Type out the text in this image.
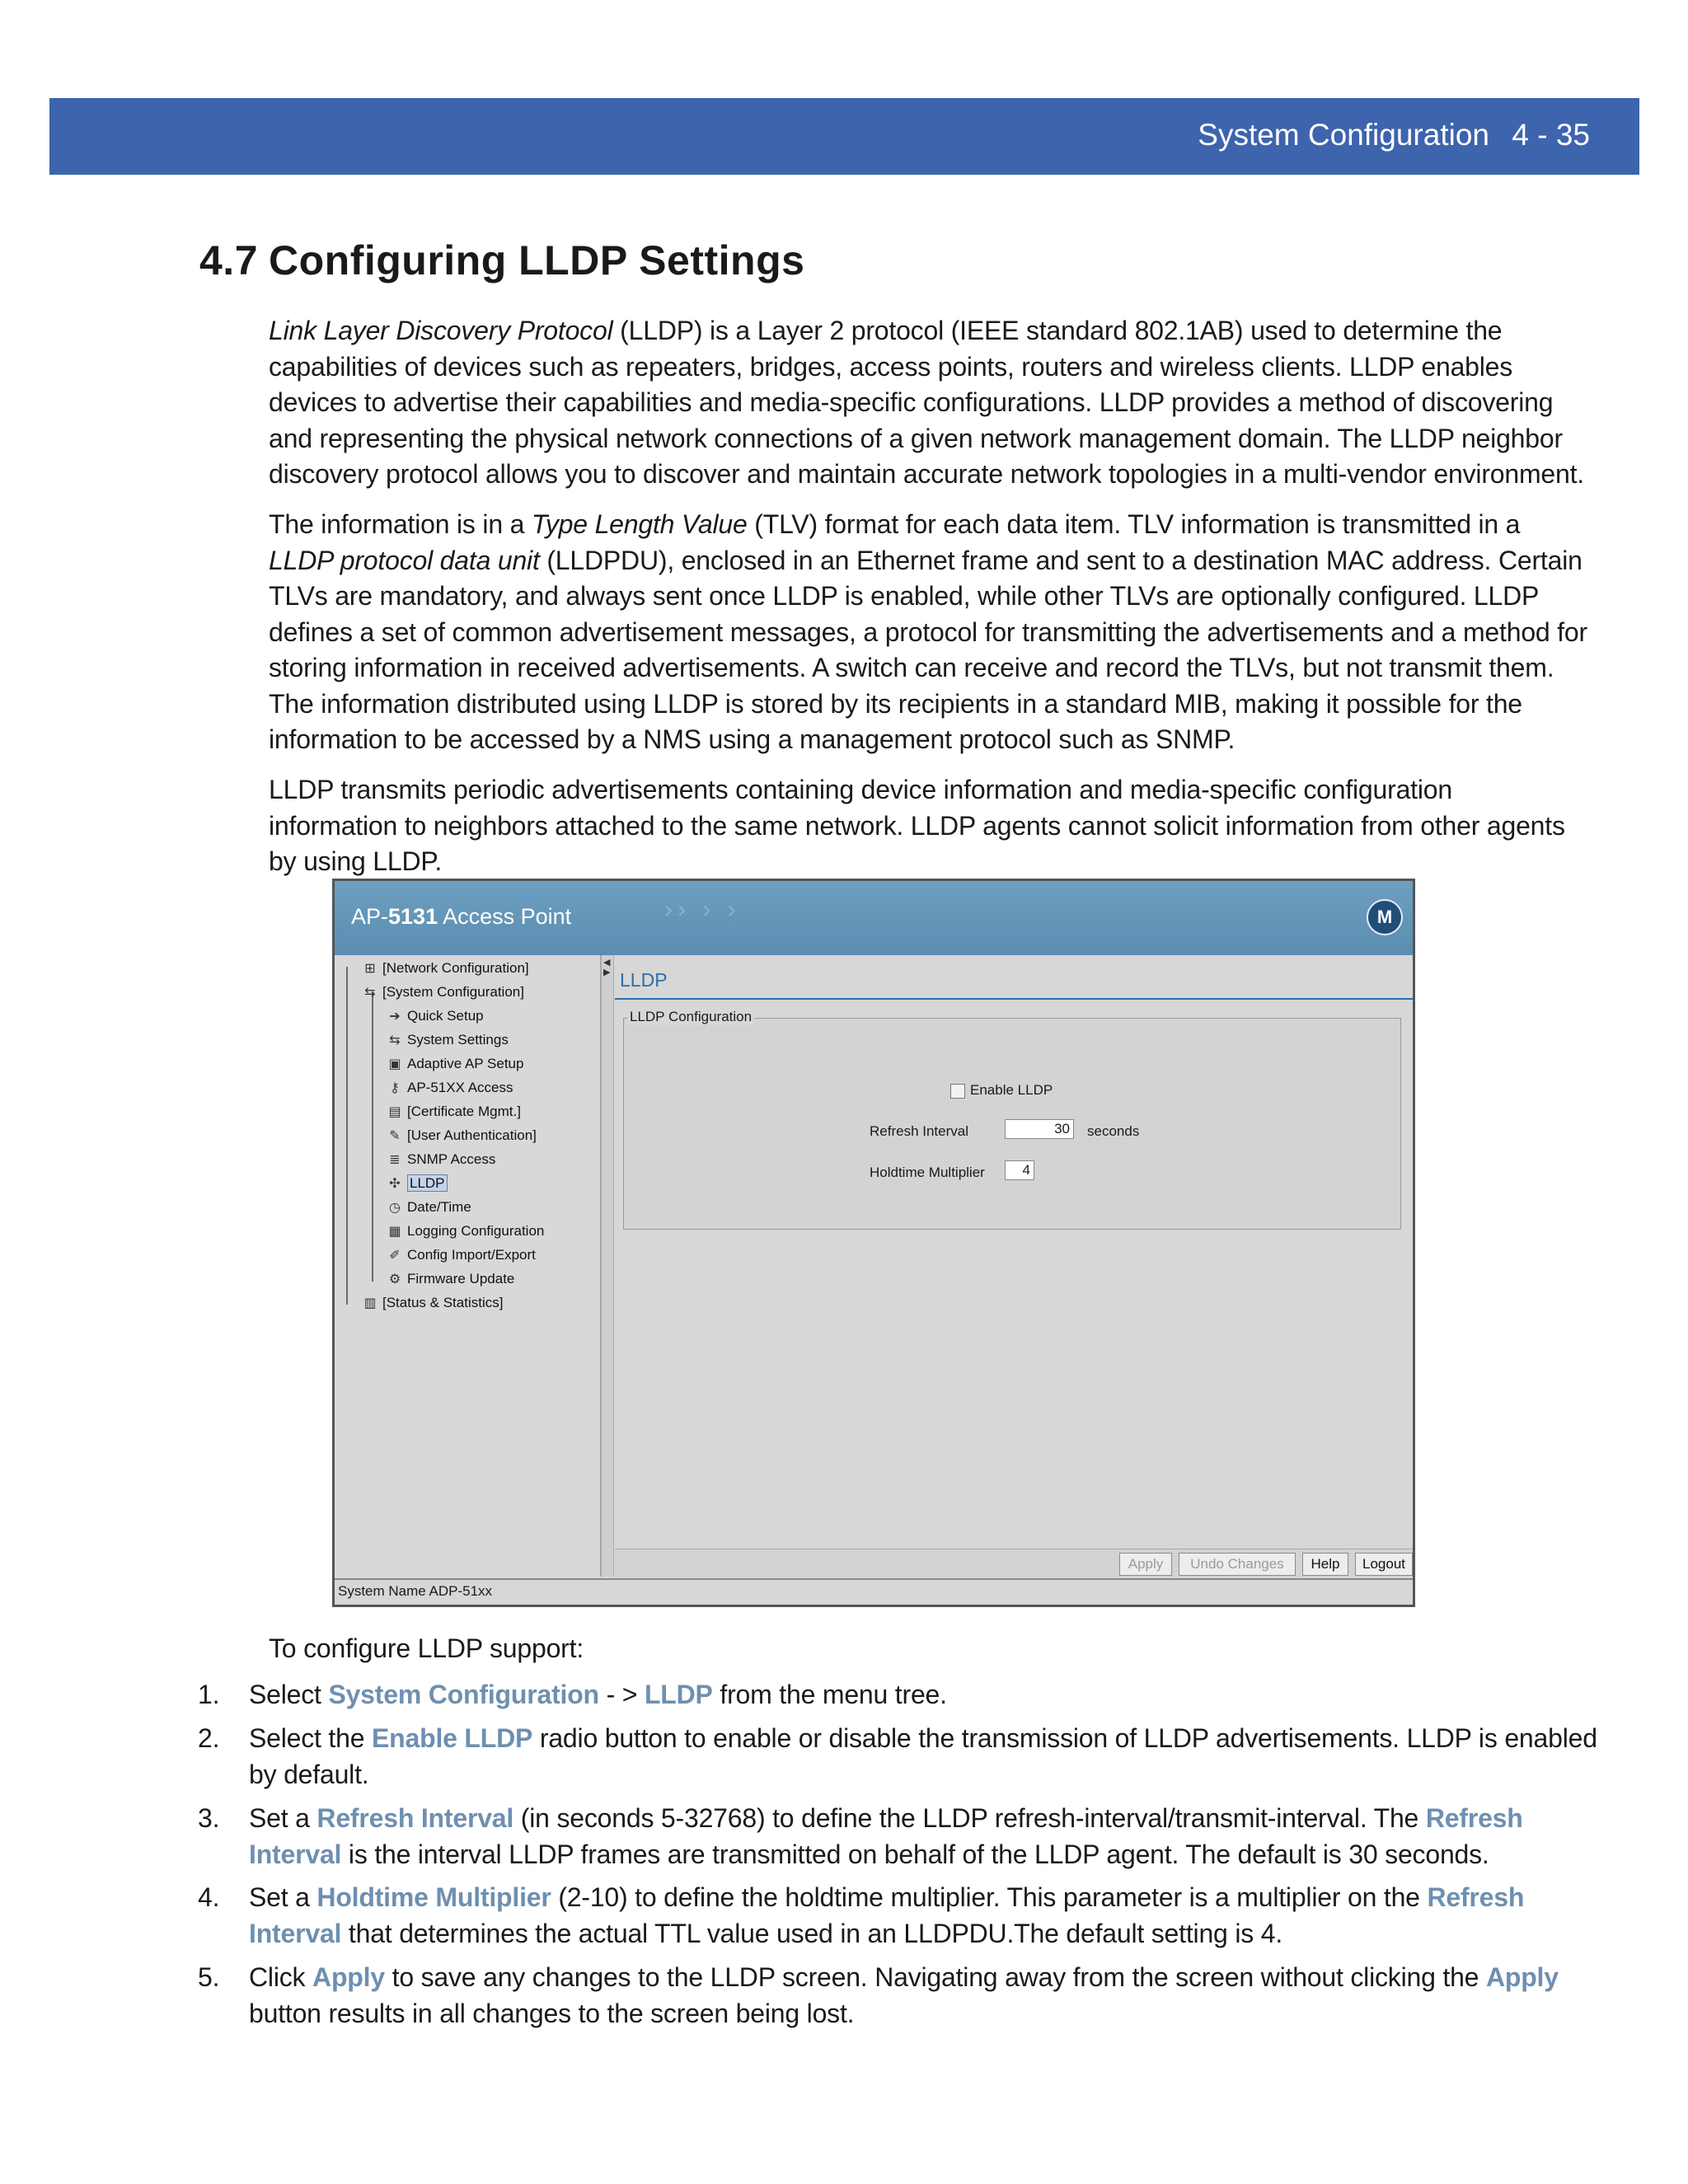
System Configuration 4 - 35
4.7 Configuring LLDP Settings

Link Layer Discovery Protocol (LLDP) is a Layer 2 protocol (IEEE standard 802.1AB) used to determine the capabilities of devices such as repeaters, bridges, access points, routers and wireless clients. LLDP enables devices to advertise their capabilities and media-specific configurations. LLDP provides a method of discovering and representing the physical network connections of a given network management domain. The LLDP neighbor discovery protocol allows you to discover and maintain accurate network topologies in a multi-vendor environment.

The information is in a Type Length Value (TLV) format for each data item. TLV information is transmitted in a LLDP protocol data unit (LLDPDU), enclosed in an Ethernet frame and sent to a destination MAC address. Certain TLVs are mandatory, and always sent once LLDP is enabled, while other TLVs are optionally configured. LLDP defines a set of common advertisement messages, a protocol for transmitting the advertisements and a method for storing information in received advertisements. A switch can receive and record the TLVs, but not transmit them. The information distributed using LLDP is stored by its recipients in a standard MIB, making it possible for the information to be accessed by a NMS using a management protocol such as SNMP.

LLDP transmits periodic advertisements containing device information and media-specific configuration information to neighbors attached to the same network. LLDP agents cannot solicit information from other agents by using LLDP.

AP-5131 Access Point	›› › ›	M
⊞ [Network Configuration]
⇆ [System Configuration]
➔ Quick Setup
⇆ System Settings
▣ Adaptive AP Setup
⚷ AP-51XX Access
▤ [Certificate Mgmt.]
✎ [User Authentication]
≣ SNMP Access
✣ LLDP
◷ Date/Time
▦ Logging Configuration
✐ Config Import/Export
⚙ Firmware Update
▥ [Status & Statistics]
◀
▶ LLDP
LLDP Configuration
Enable LLDP
Refresh Interval	30 seconds
Holdtime Multiplier	4
Apply	Undo Changes	Help	Logout
System Name ADP-51xx
To configure LLDP support:
1. Select System Configuration - > LLDP from the menu tree.
2. Select the Enable LLDP radio button to enable or disable the transmission of LLDP advertisements. LLDP is enabled by default.
3. Set a Refresh Interval (in seconds 5-32768) to define the LLDP refresh-interval/transmit-interval. The Refresh Interval is the interval LLDP frames are transmitted on behalf of the LLDP agent. The default is 30 seconds.
4. Set a Holdtime Multiplier (2-10) to define the holdtime multiplier. This parameter is a multiplier on the Refresh Interval that determines the actual TTL value used in an LLDPDU.The default setting is 4.
5. Click Apply to save any changes to the LLDP screen. Navigating away from the screen without clicking the Apply button results in all changes to the screen being lost.
